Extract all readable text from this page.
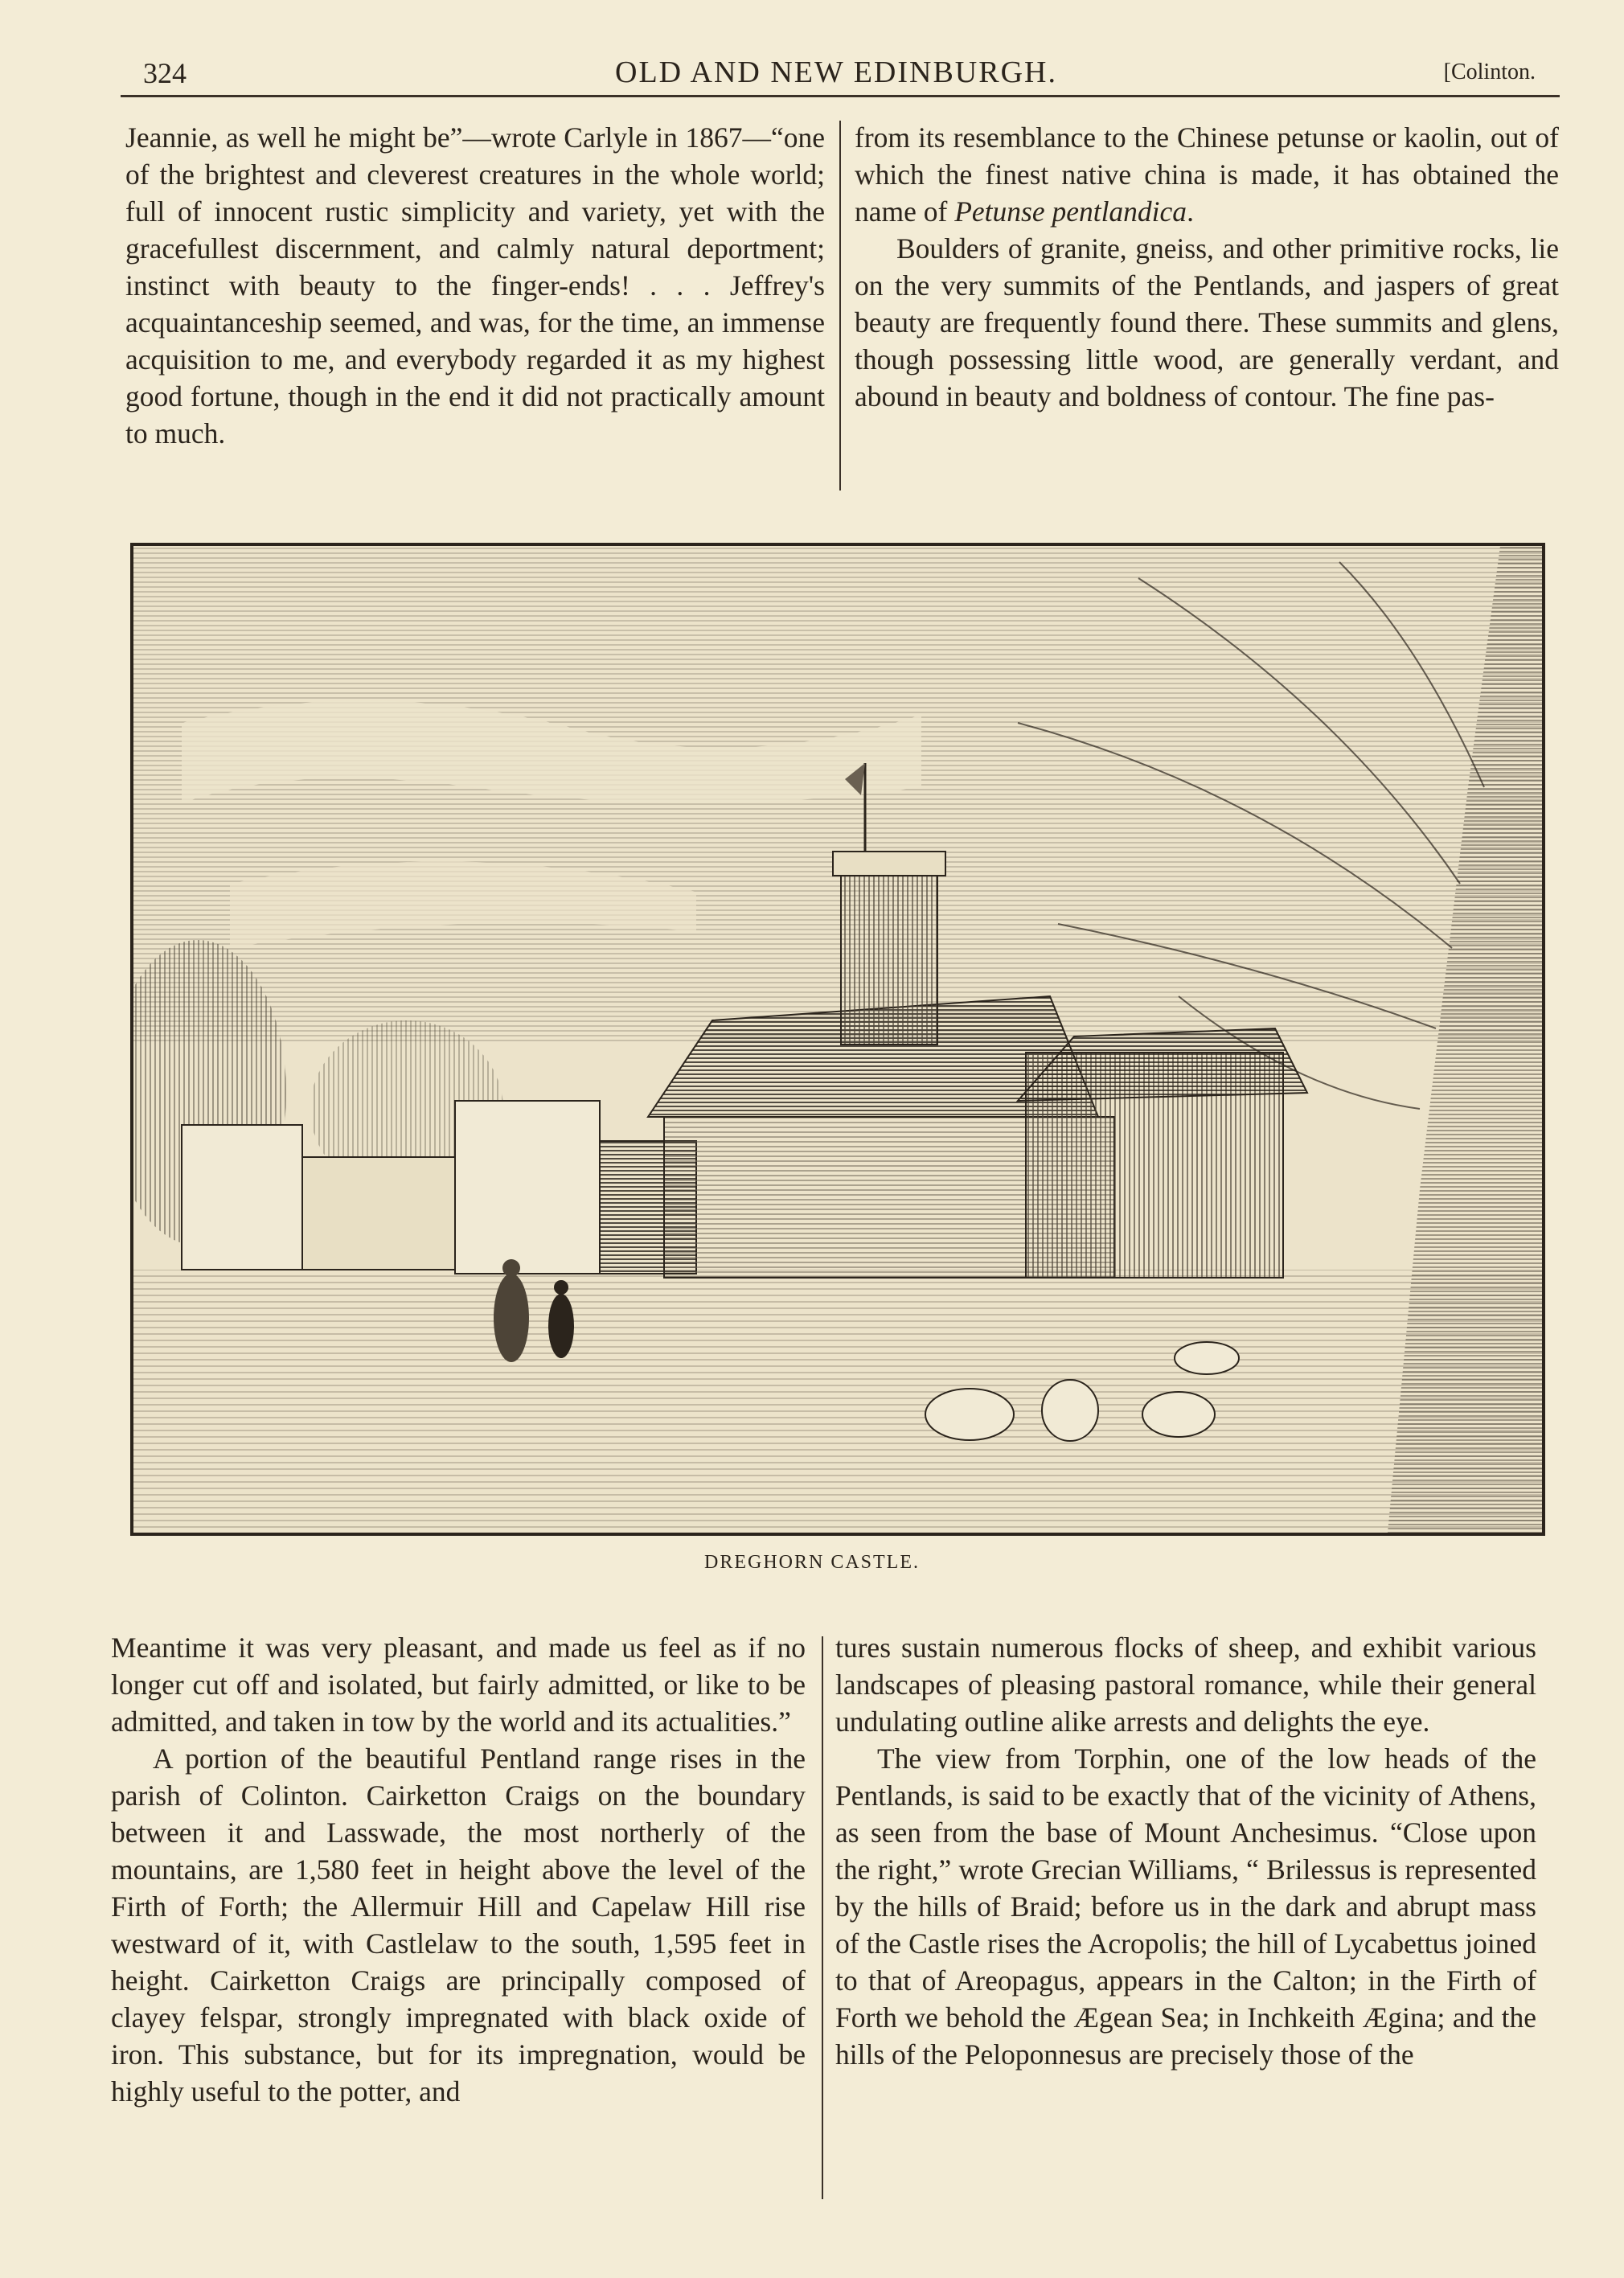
324	OLD AND NEW EDINBURGH.	[Colinton.

Jeannie, as well he might be”—wrote Carlyle in 1867—“one of the brightest and cleverest creatures in the whole world; full of innocent rustic simplicity and variety, yet with the gracefullest discernment, and calmly natural deportment; instinct with beauty to the finger-ends! . . . Jeffrey's acquaintanceship seemed, and was, for the time, an immense acquisition to me, and everybody regarded it as my highest good fortune, though in the end it did not practically amount to much.

from its resemblance to the Chinese petunse or kaolin, out of which the finest native china is made, it has obtained the name of Petunse pentlandica.

Boulders of granite, gneiss, and other primitive rocks, lie on the very summits of the Pentlands, and jaspers of great beauty are frequently found there. These summits and glens, though possessing little wood, are generally verdant, and abound in beauty and boldness of contour. The fine pas-

DREGHORN CASTLE.

Meantime it was very pleasant, and made us feel as if no longer cut off and isolated, but fairly admitted, or like to be admitted, and taken in tow by the world and its actualities.”

A portion of the beautiful Pentland range rises in the parish of Colinton. Cairketton Craigs on the boundary between it and Lasswade, the most northerly of the mountains, are 1,580 feet in height above the level of the Firth of Forth; the Allermuir Hill and Capelaw Hill rise westward of it, with Castlelaw to the south, 1,595 feet in height. Cairketton Craigs are principally composed of clayey felspar, strongly impregnated with black oxide of iron. This substance, but for its impregnation, would be highly useful to the potter, and

tures sustain numerous flocks of sheep, and exhibit various landscapes of pleasing pastoral romance, while their general undulating outline alike arrests and delights the eye.

The view from Torphin, one of the low heads of the Pentlands, is said to be exactly that of the vicinity of Athens, as seen from the base of Mount Anchesimus. “Close upon the right,” wrote Grecian Williams, “ Brilessus is represented by the hills of Braid; before us in the dark and abrupt mass of the Castle rises the Acropolis; the hill of Lycabettus joined to that of Areopagus, appears in the Calton; in the Firth of Forth we behold the Ægean Sea; in Inchkeith Ægina; and the hills of the Peloponnesus are precisely those of the
